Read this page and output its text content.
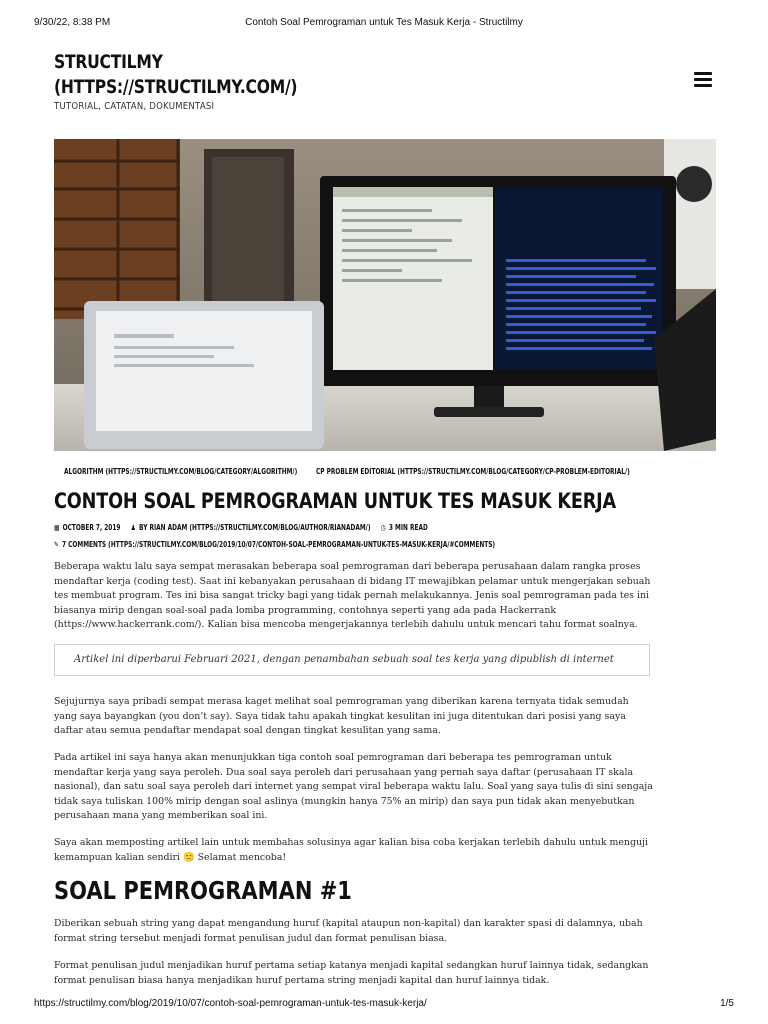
9/30/22, 8:38 PM	Contoh Soal Pemrograman untuk Tes Masuk Kerja - Structilmy
STRUCTILMY
(HTTPS://STRUCTILMY.COM/)
TUTORIAL, CATATAN, DOKUMENTASI
ALGORITHM (HTTPS://STRUCTILMY.COM/BLOG/CATEGORY/ALGORITHM/)	CP PROBLEM EDITORIAL (HTTPS://STRUCTILMY.COM/BLOG/CATEGORY/CP-PROBLEM-EDITORIAL/)
CONTOH SOAL PEMROGRAMAN UNTUK TES MASUK KERJA
▦ OCTOBER 7, 2019 ♟ BY RIAN ADAM (HTTPS://STRUCTILMY.COM/BLOG/AUTHOR/RIANADAM/) ◷ 3 MIN READ
✎ 7 COMMENTS (HTTPS://STRUCTILMY.COM/BLOG/2019/10/07/CONTOH-SOAL-PEMROGRAMAN-UNTUK-TES-MASUK-KERJA/#COMMENTS)

Beberapa waktu lalu saya sempat merasakan beberapa soal pemrograman dari beberapa perusahaan dalam rangka proses mendaftar kerja (coding test). Saat ini kebanyakan perusahaan di bidang IT mewajibkan pelamar untuk mengerjakan sebuah tes membuat program. Tes ini bisa sangat tricky bagi yang tidak pernah melakukannya. Jenis soal pemrograman pada tes ini biasanya mirip dengan soal-soal pada lomba programming, contohnya seperti yang ada pada Hackerrank (https://www.hackerrank.com/). Kalian bisa mencoba mengerjakannya terlebih dahulu untuk mencari tahu format soalnya.

Artikel ini diperbarui Februari 2021, dengan penambahan sebuah soal tes kerja yang dipublish di internet

Sejujurnya saya pribadi sempat merasa kaget melihat soal pemrograman yang diberikan karena ternyata tidak semudah yang saya bayangkan (you don’t say). Saya tidak tahu apakah tingkat kesulitan ini juga ditentukan dari posisi yang saya daftar atau semua pendaftar mendapat soal dengan tingkat kesulitan yang sama.

Pada artikel ini saya hanya akan menunjukkan tiga contoh soal pemrograman dari beberapa tes pemrograman untuk mendaftar kerja yang saya peroleh. Dua soal saya peroleh dari perusahaan yang pernah saya daftar (perusahaan IT skala nasional), dan satu soal saya peroleh dari internet yang sempat viral beberapa waktu lalu. Soal yang saya tulis di sini sengaja tidak saya tuliskan 100% mirip dengan soal aslinya (mungkin hanya 75% an mirip) dan saya pun tidak akan menyebutkan perusahaan mana yang memberikan soal ini.

Saya akan memposting artikel lain untuk membahas solusinya agar kalian bisa coba kerjakan terlebih dahulu untuk menguji kemampuan kalian sendiri 🙂 Selamat mencoba!

SOAL PEMROGRAMAN #1

Diberikan sebuah string yang dapat mengandung huruf (kapital ataupun non-kapital) dan karakter spasi di dalamnya, ubah format string tersebut menjadi format penulisan judul dan format penulisan biasa.

Format penulisan judul menjadikan huruf pertama setiap katanya menjadi kapital sedangkan huruf lainnya tidak, sedangkan format penulisan biasa hanya menjadikan huruf pertama string menjadi kapital dan huruf lainnya tidak.

https://structilmy.com/blog/2019/10/07/contoh-soal-pemrograman-untuk-tes-masuk-kerja/	1/5
